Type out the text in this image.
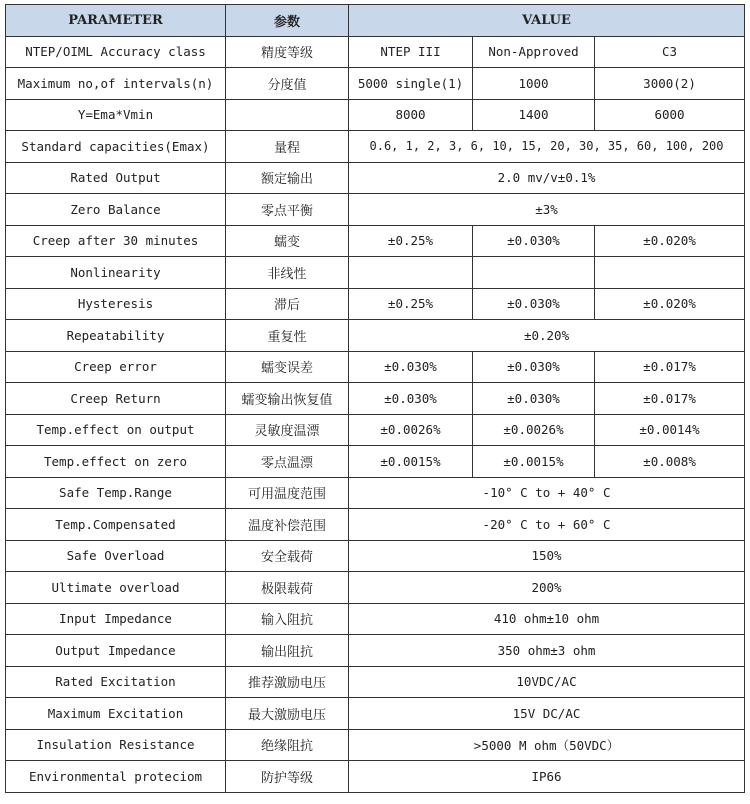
PARAMETER	参数	VALUE		
NTEP/OIML Accuracy class	精度等级	NTEP III	Non-Approved	C3
Maximum no,of intervals(n)	分度值	5000 single(1)	1000	3000(2)
Y=Ema*Vmin		8000	1400	6000
Standard capacities(Emax)	量程	0.6, 1, 2, 3, 6, 10, 15, 20, 30, 35, 60, 100, 200		
Rated Output	额定输出	2.0 mv/v±0.1%		
Zero Balance	零点平衡	±3%		
Creep after 30 minutes	蠕变	±0.25%	±0.030%	±0.020%
Nonlinearity	非线性			
Hysteresis	滞后	±0.25%	±0.030%	±0.020%
Repeatability	重复性	±0.20%		
Creep error	蠕变误差	±0.030%	±0.030%	±0.017%
Creep Return	蠕变输出恢复值	±0.030%	±0.030%	±0.017%
Temp.effect on output	灵敏度温漂	±0.0026%	±0.0026%	±0.0014%
Temp.effect on zero	零点温漂	±0.0015%	±0.0015%	±0.008%
Safe Temp.Range	可用温度范围	-10° C to + 40° C		
Temp.Compensated	温度补偿范围	-20° C to + 60° C		
Safe Overload	安全载荷	150%		
Ultimate overload	极限载荷	200%		
Input Impedance	输入阻抗	410 ohm±10 ohm		
Output Impedance	输出阻抗	350 ohm±3 ohm		
Rated Excitation	推荐激励电压	10VDC/AC		
Maximum Excitation	最大激励电压	15V DC/AC		
Insulation Resistance	绝缘阻抗	>5000 M ohm（50VDC）		
Environmental proteciom	防护等级	IP66		
